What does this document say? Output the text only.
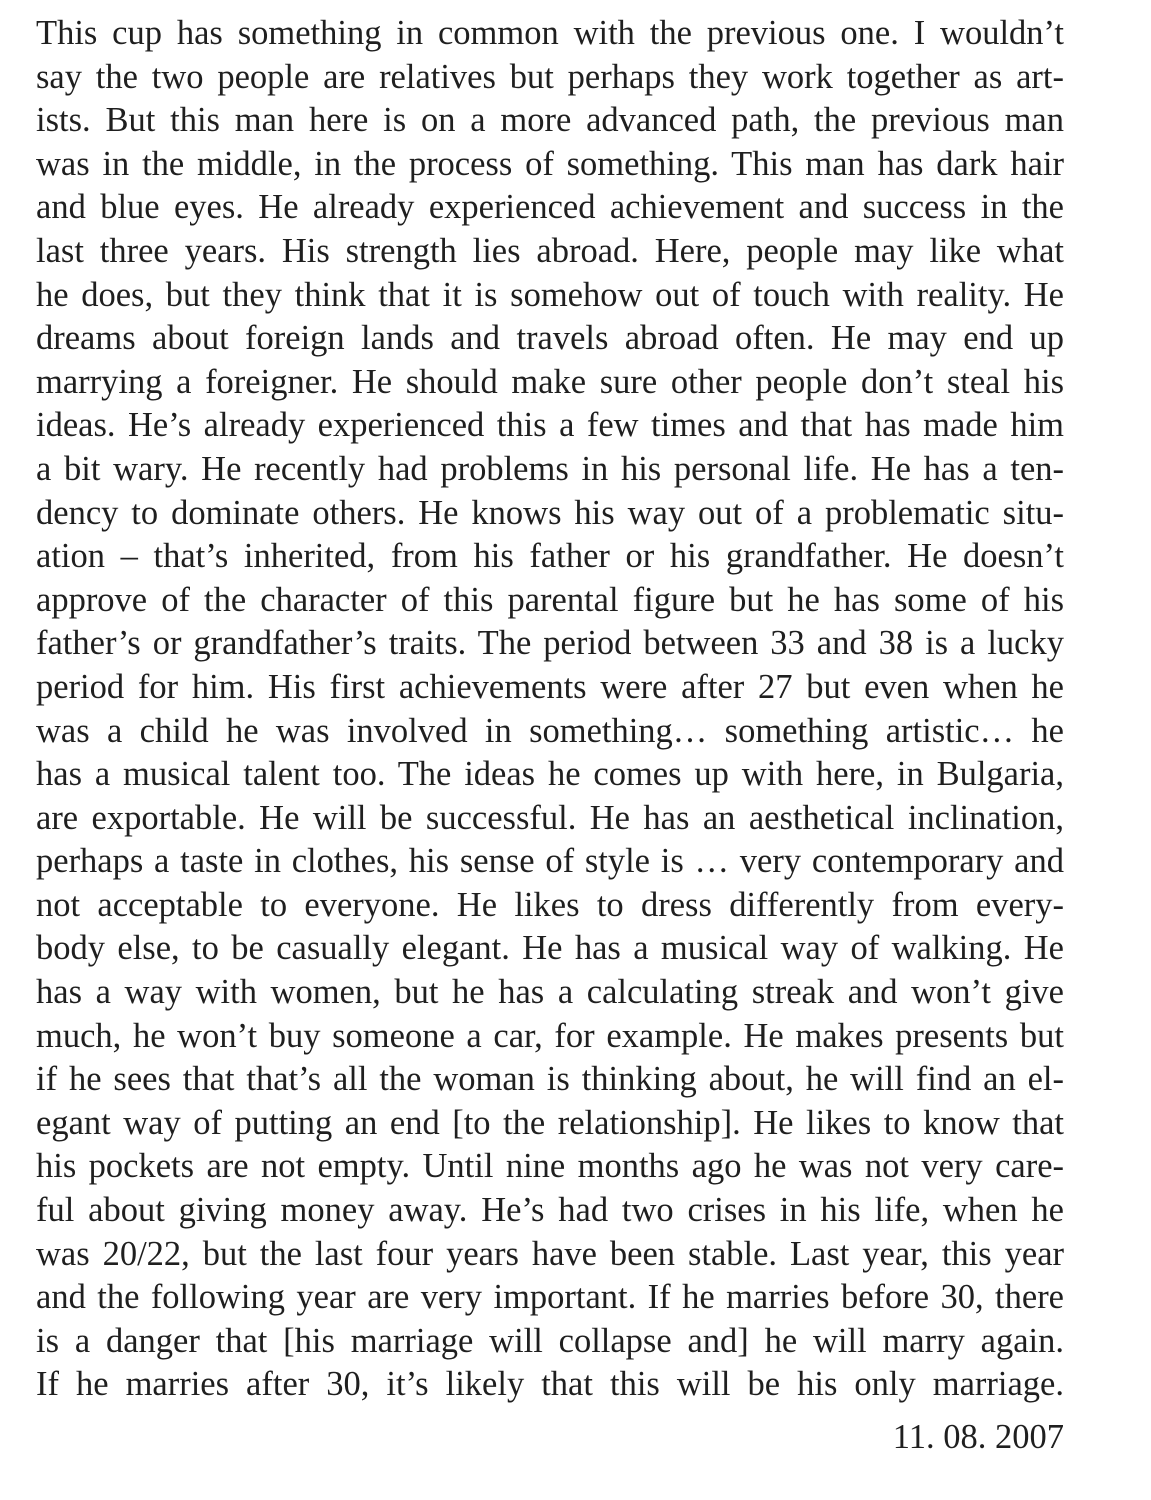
This cup has something in common with the previous one. I wouldn’t
say the two people are relatives but perhaps they work together as art-
ists. But this man here is on a more advanced path, the previous man
was in the middle, in the process of something. This man has dark hair
and blue eyes. He already experienced achievement and success in the
last three years. His strength lies abroad. Here, people may like what
he does, but they think that it is somehow out of touch with reality. He
dreams about foreign lands and travels abroad often. He may end up
marrying a foreigner. He should make sure other people don’t steal his
ideas. He’s already experienced this a few times and that has made him
a bit wary. He recently had problems in his personal life. He has a ten-
dency to dominate others. He knows his way out of a problematic situ-
ation – that’s inherited, from his father or his grandfather. He doesn’t
approve of the character of this parental figure but he has some of his
father’s or grandfather’s traits. The period between 33 and 38 is a lucky
period for him. His first achievements were after 27 but even when he
was a child he was involved in something… something artistic… he
has a musical talent too. The ideas he comes up with here, in Bulgaria,
are exportable. He will be successful. He has an aesthetical inclination,
perhaps a taste in clothes, his sense of style is … very contemporary and
not acceptable to everyone. He likes to dress differently from every-
body else, to be casually elegant. He has a musical way of walking. He
has a way with women, but he has a calculating streak and won’t give
much, he won’t buy someone a car, for example. He makes presents but
if he sees that that’s all the woman is thinking about, he will find an el-
egant way of putting an end [to the relationship]. He likes to know that
his pockets are not empty. Until nine months ago he was not very care-
ful about giving money away. He’s had two crises in his life, when he
was 20/22, but the last four years have been stable. Last year, this year
and the following year are very important. If he marries before 30, there
is a danger that [his marriage will collapse and] he will marry again.
If he marries after 30, it’s likely that this will be his only marriage.

11. 08. 2007
